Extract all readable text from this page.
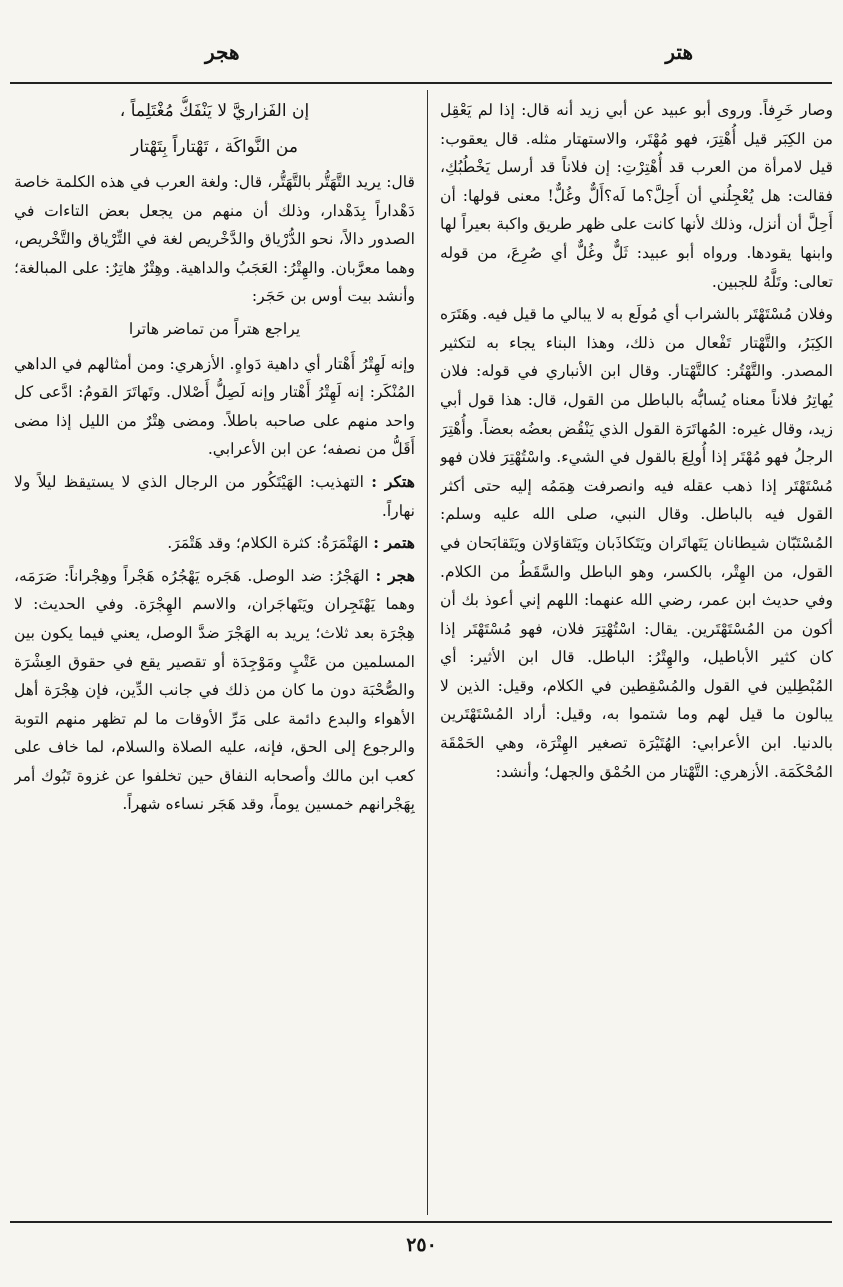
هتر
هجر

وصار خَرِفاً. وروى أبو عبيد عن أبي زيد أنه قال: إذا لم يَعْقِل من الكِبَر قيل أُهْتِرَ، فهو مُهْتَر، والاستهتار مثله. قال يعقوب: قيل لامرأة من العرب قد أُهْتِرْتِ: إن فلاناً قد أرسل يَخْطُبُكِ، فقالت: هل يُعْجِلُني أن أَحِلَّ؟ما لَه؟أَلٌّ وغُلٌّ! معنى قولها: أن أَحِلَّ أن أنزل، وذلك لأنها كانت على ظهر طريق واكبة بعيراً لها وابنها يقودها. ورواه أبو عبيد: ثَلٌّ وغُلٌّ أي صُرِعَ، من قوله تعالى: وتَلَّهُ للجبين.

وفلان مُسْتَهْتَر بالشراب أي مُولَع به لا يبالي ما قيل فيه. وهَتَرَه الكِبَرُ، والتَّهْتار تَفْعال من ذلك، وهذا البناء يجاء به لتكثير المصدر. والتَّهْتُر: كالتَّهْتار. وقال ابن الأنباري في قوله: فلان يُهاتِرُ فلاناً معناه يُسابُّه بالباطل من القول، قال: هذا قول أبي زيد، وقال غيره: المُهاتَرَة القول الذي يَنْقُض بعضُه بعضاً. وأُهْتِرَ الرجلُ فهو مُهْتَر إذا أُولِعَ بالقول في الشيء. واسْتُهْتِرَ فلان فهو مُسْتَهْتَر إذا ذهب عقله فيه وانصرفت هِمَمُه إليه حتى أكثر القول فيه بالباطل. وقال النبي، صلى الله عليه وسلم: المُسْتَبّان شيطانان يَتَهاتَران ويَتَكاذَبان ويَتَقاوَلان ويَتَقابَحان في القول، من الهِتْر، بالكسر، وهو الباطل والسَّقَطُ من الكلام. وفي حديث ابن عمر، رضي الله عنهما: اللهم إني أعوذ بك أن أكون من المُسْتَهْتَرين. يقال: اسْتُهْتِرَ فلان، فهو مُسْتَهْتَر إذا كان كثير الأباطيل، والهِتْرُ: الباطل. قال ابن الأثير: أي المُبْطِلين في القول والمُسْقِطين في الكلام، وقيل: الذين لا يبالون ما قيل لهم وما شتموا به، وقيل: أراد المُسْتَهْتَرين بالدنيا. ابن الأعرابي: الهُتَيْرَة تصغير الهِتْرَة، وهي الحَمْقَة المُحْكَمَة. الأزهري: التَّهْتار من الحُمْق والجهل؛ وأنشد:

إن الفَزاريَّ لا يَنْفَكُّ مُغْتَلِماً ،

من النَّواكَة ، تَهْتاراً بِتَهْتار

قال: يريد التَّهَتُّر بالتَّهَتُّر، قال: ولغة العرب في هذه الكلمة خاصة دَهْداراً بِدَهْدار، وذلك أن منهم من يجعل بعض التاءات في الصدور دالاً، نحو الدُّرْياق والدَّخْريص لغة في التِّرْياق والتَّخْريص، وهما معرَّبان. والهِتْرُ: العَجَبُ والداهية. وهِتْرٌ هاتِرٌ: على المبالغة؛ وأنشد بيت أوس بن حَجَر:

يراجع هتراً من تماضر هاترا

وإنه لَهِتْرُ أَهْتار أي داهية دَواهٍ. الأزهري: ومن أمثالهم في الداهي المُنْكَر: إنه لَهِتْرُ أَهْتار وإنه لَصِلُّ أَصْلال. وتَهاتَرَ القومُ: ادَّعى كل واحد منهم على صاحبه باطلاً. ومضى هِتْرٌ من الليل إذا مضى أَقَلُّ من نصفه؛ عن ابن الأعرابي.

هتكر : التهذيب: الهَيْتَكُور من الرجال الذي لا يستيقظ ليلاً ولا نهاراً.

هتمر : الهَتْمَرَةُ: كثرة الكلام؛ وقد هَتْمَرَ.

هجر : الهَجْرُ: ضد الوصل. هَجَره يَهْجُرُه هَجْراً وهِجْراناً: صَرَمَه، وهما يَهْتَجِران ويَتَهاجَران، والاسم الهِجْرَة. وفي الحديث: لا هِجْرَة بعد ثلاث؛ يريد به الهَجْرَ ضدَّ الوصل، يعني فيما يكون بين المسلمين من عَتْبٍ ومَوْجِدَة أو تقصير يقع في حقوق العِشْرَة والصُّحْبَة دون ما كان من ذلك في جانب الدِّين، فإن هِجْرَة أهل الأهواء والبدع دائمة على مَرِّ الأوقات ما لم تظهر منهم التوبة والرجوع إلى الحق، فإنه، عليه الصلاة والسلام، لما خاف على كعب ابن مالك وأصحابه النفاق حين تخلفوا عن غزوة تَبُوك أمر بِهَجْرانهم خمسين يوماً، وقد هَجَر نساءه شهراً.

٢٥٠
